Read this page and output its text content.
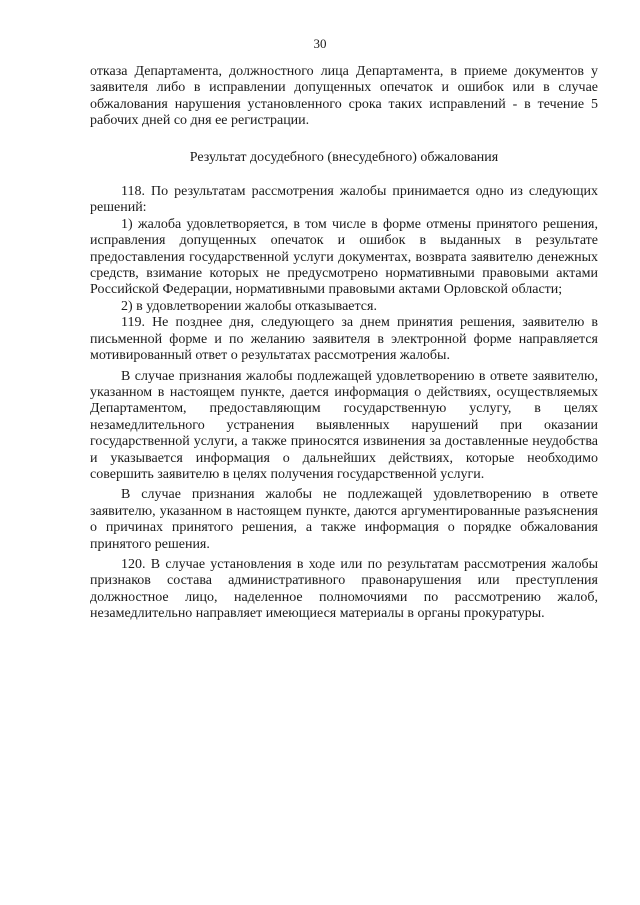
30

отказа Департамента, должностного лица Департамента, в приеме документов у заявителя либо в исправлении допущенных опечаток и ошибок или в случае обжалования нарушения установленного срока таких исправлений - в течение 5 рабочих дней со дня ее регистрации.

Результат досудебного (внесудебного) обжалования

118. По результатам рассмотрения жалобы принимается одно из следующих решений:

1) жалоба удовлетворяется, в том числе в форме отмены принятого решения, исправления допущенных опечаток и ошибок в выданных в результате предоставления государственной услуги документах, возврата заявителю денежных средств, взимание которых не предусмотрено нормативными правовыми актами Российской Федерации, нормативными правовыми актами Орловской области;

2) в удовлетворении жалобы отказывается.

119. Не позднее дня, следующего за днем принятия решения, заявителю в письменной форме и по желанию заявителя в электронной форме направляется мотивированный ответ о результатах рассмотрения жалобы.

В случае признания жалобы подлежащей удовлетворению в ответе заявителю, указанном в настоящем пункте, дается информация о действиях, осуществляемых Департаментом, предоставляющим государственную услугу, в целях незамедлительного устранения выявленных нарушений при оказании государственной услуги, а также приносятся извинения за доставленные неудобства и указывается информация о дальнейших действиях, которые необходимо совершить заявителю в целях получения государственной услуги.

В случае признания жалобы не подлежащей удовлетворению в ответе заявителю, указанном в настоящем пункте, даются аргументированные разъяснения о причинах принятого решения, а также информация о порядке обжалования принятого решения.

120. В случае установления в ходе или по результатам рассмотрения жалобы признаков состава административного правонарушения или преступления должностное лицо, наделенное полномочиями по рассмотрению жалоб, незамедлительно направляет имеющиеся материалы в органы прокуратуры.
